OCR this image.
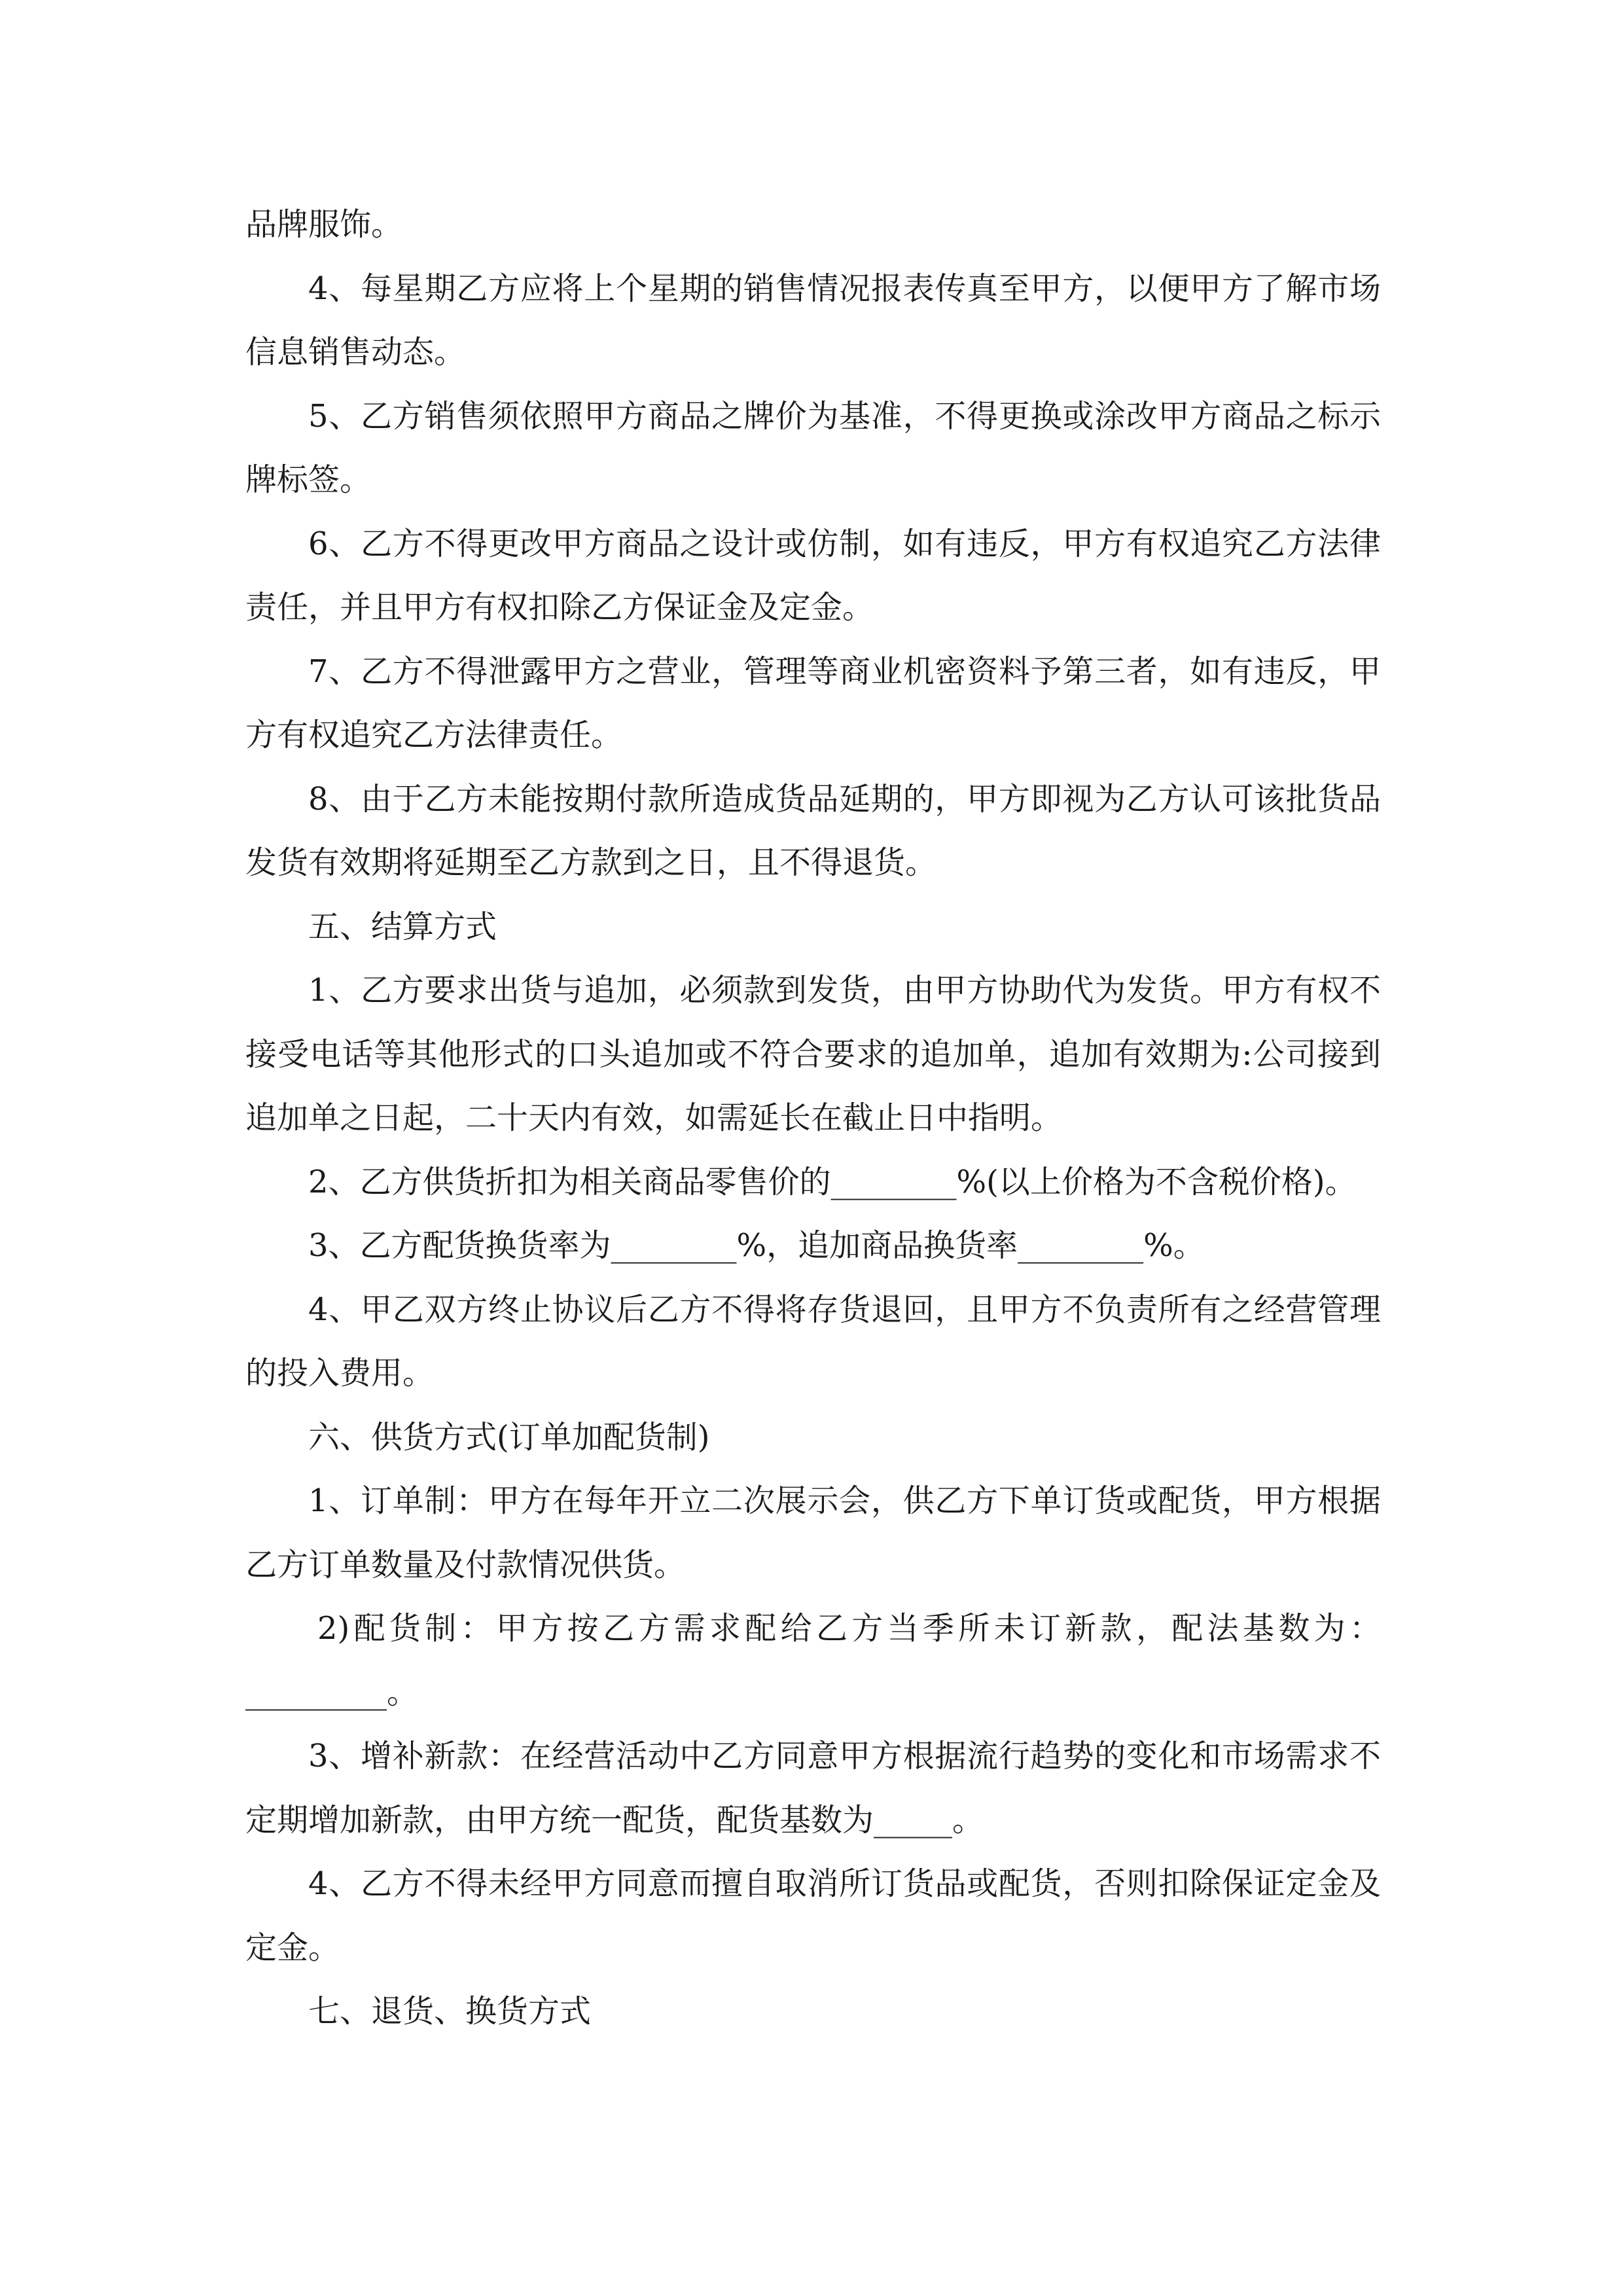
品牌服饰。

4、每星期乙方应将上个星期的销售情况报表传真至甲方，以便甲方了解市场信息销售动态。

5、乙方销售须依照甲方商品之牌价为基准，不得更换或涂改甲方商品之标示牌标签。

6、乙方不得更改甲方商品之设计或仿制，如有违反，甲方有权追究乙方法律责任，并且甲方有权扣除乙方保证金及定金。

7、乙方不得泄露甲方之营业，管理等商业机密资料予第三者，如有违反，甲方有权追究乙方法律责任。

8、由于乙方未能按期付款所造成货品延期的，甲方即视为乙方认可该批货品发货有效期将延期至乙方款到之日，且不得退货。

五、结算方式

1、乙方要求出货与追加，必须款到发货，由甲方协助代为发货。甲方有权不接受电话等其他形式的口头追加或不符合要求的追加单，追加有效期为:公司接到追加单之日起，二十天内有效，如需延长在截止日中指明。

2、乙方供货折扣为相关商品零售价的________%(以上价格为不含税价格)。

3、乙方配货换货率为________%，追加商品换货率________%。

4、甲乙双方终止协议后乙方不得将存货退回，且甲方不负责所有之经营管理的投入费用。

六、供货方式(订单加配货制)

1、订单制：甲方在每年开立二次展示会，供乙方下单订货或配货，甲方根据乙方订单数量及付款情况供货。

2)配货制：甲方按乙方需求配给乙方当季所未订新款，配法基数为：_________。

3、增补新款：在经营活动中乙方同意甲方根据流行趋势的变化和市场需求不定期增加新款，由甲方统一配货，配货基数为_____。

4、乙方不得未经甲方同意而擅自取消所订货品或配货，否则扣除保证定金及定金。

七、退货、换货方式
